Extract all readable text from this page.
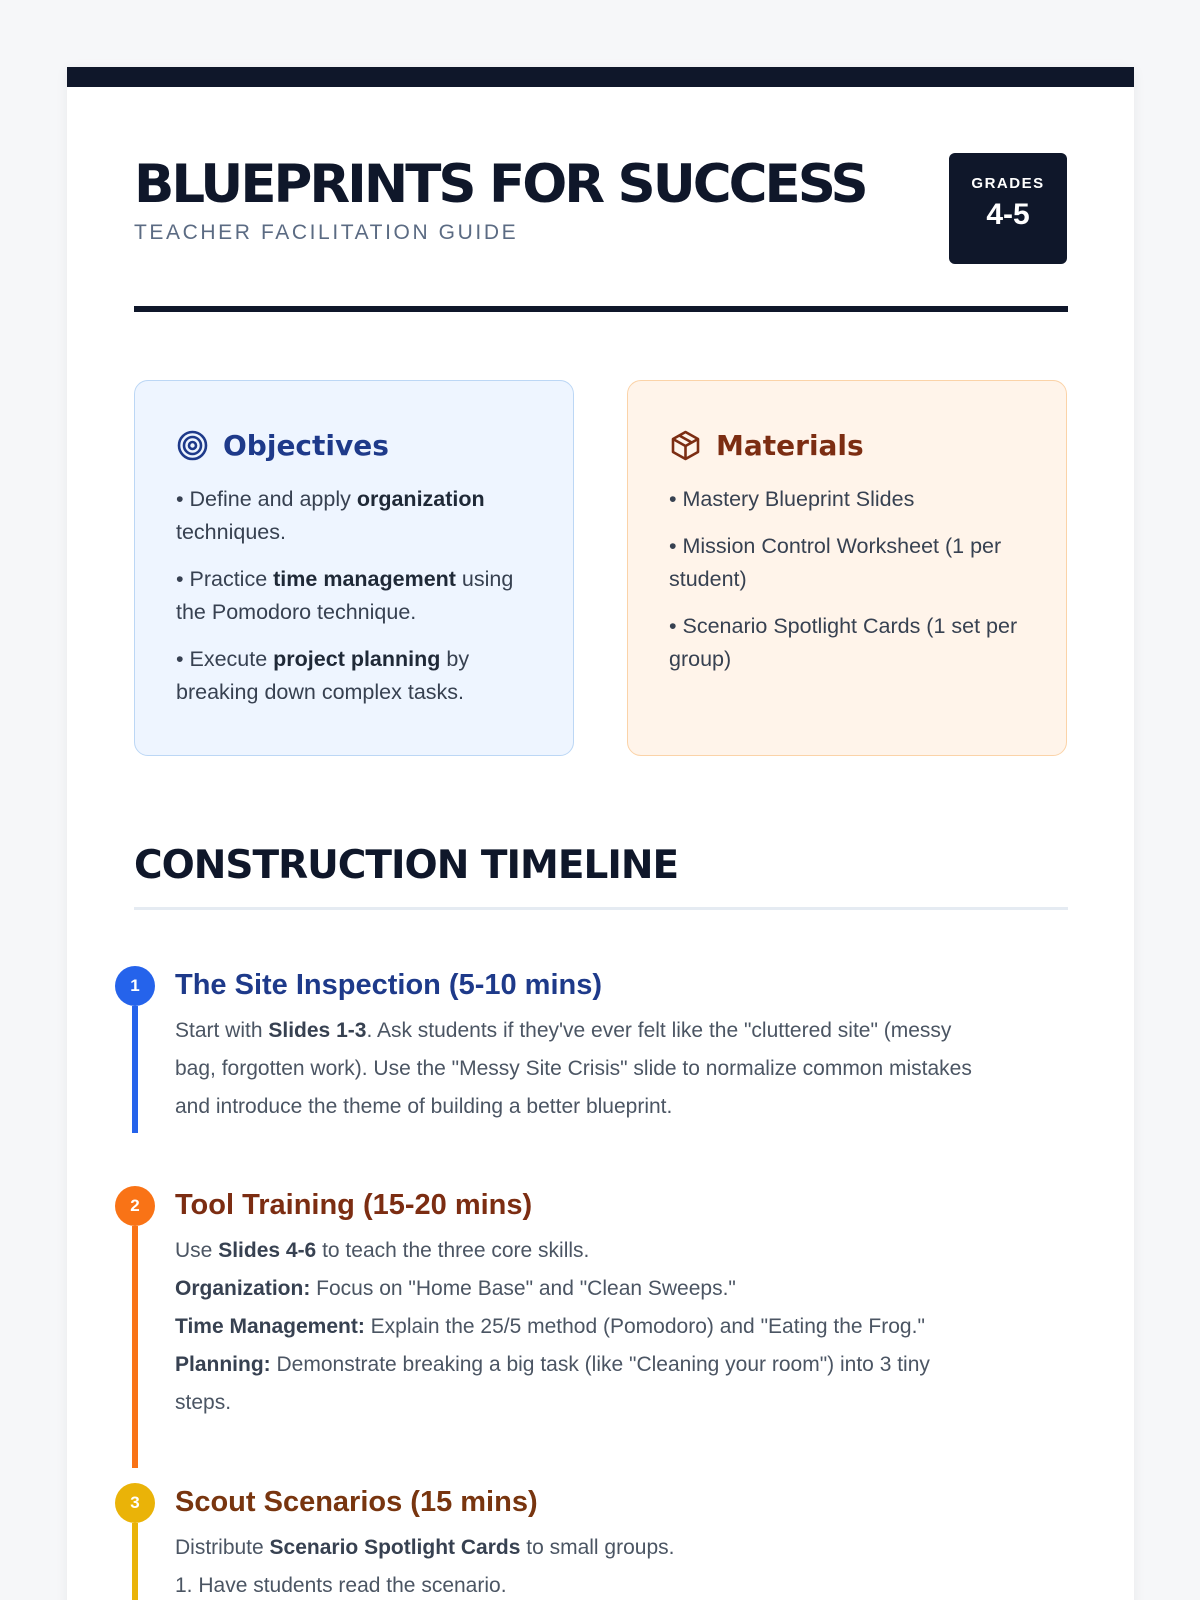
BLUEPRINTS FOR SUCCESS
TEACHER FACILITATION GUIDE
GRADES
4-5
Objectives
• Define and apply organization techniques.
• Practice time management using the Pomodoro technique.
• Execute project planning by breaking down complex tasks.
Materials
• Mastery Blueprint Slides
• Mission Control Worksheet (1 per student)
• Scenario Spotlight Cards (1 set per group)
CONSTRUCTION TIMELINE
1	The Site Inspection (5-10 mins)

Start with Slides 1-3. Ask students if they've ever felt like the "cluttered site" (messy bag, forgotten work). Use the "Messy Site Crisis" slide to normalize common mistakes and introduce the theme of building a better blueprint.

2	Tool Training (15-20 mins)

Use Slides 4-6 to teach the three core skills.

Organization: Focus on "Home Base" and "Clean Sweeps."

Time Management: Explain the 25/5 method (Pomodoro) and "Eating the Frog."

Planning: Demonstrate breaking a big task (like "Cleaning your room") into 3 tiny steps.

3	Scout Scenarios (15 mins)

Distribute Scenario Spotlight Cards to small groups.

1. Have students read the scenario.
